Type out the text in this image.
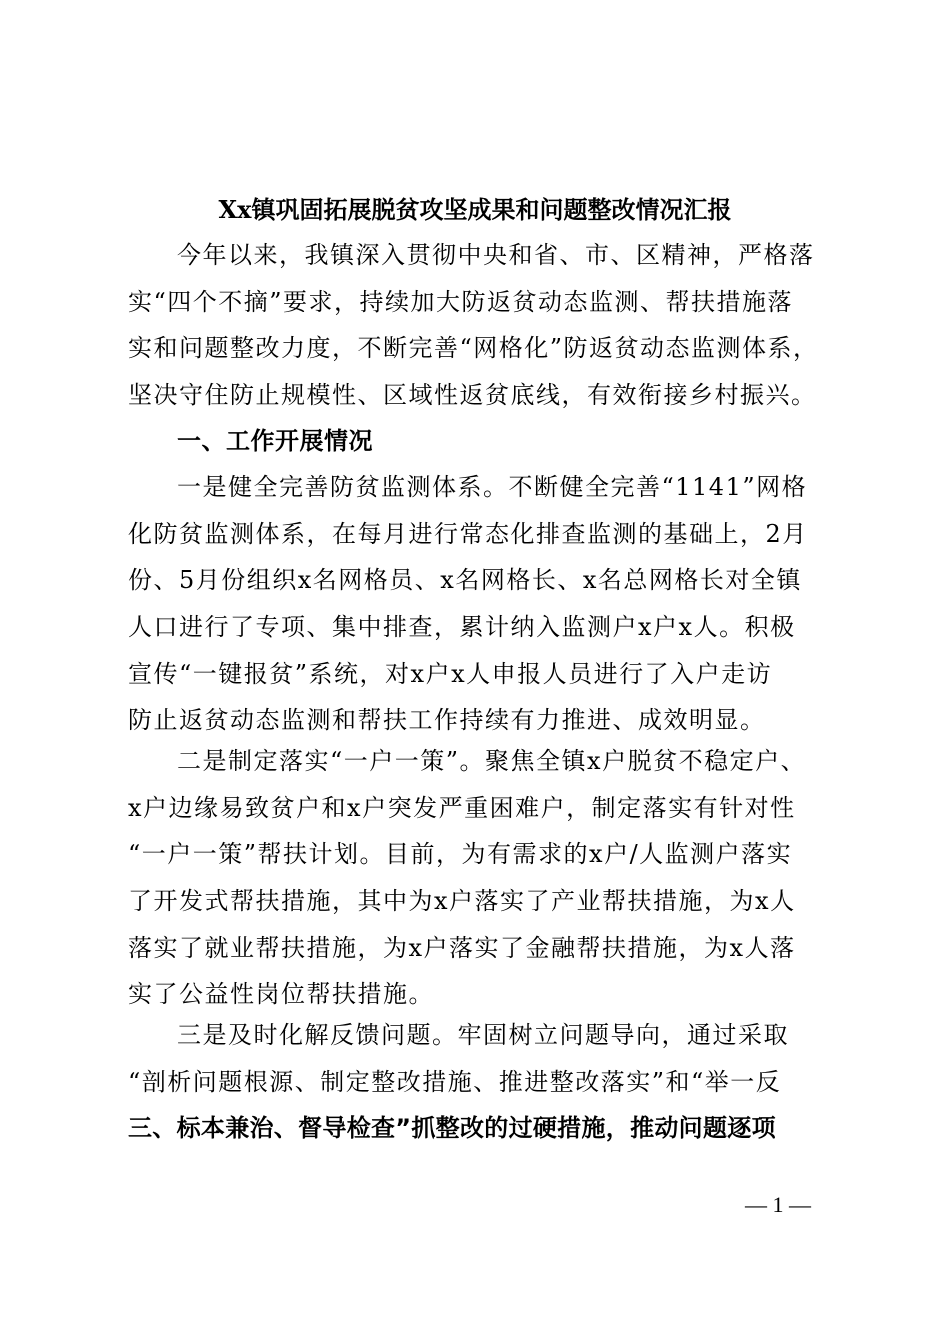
Xx镇巩固拓展脱贫攻坚成果和问题整改情况汇报
今年以来，我镇深入贯彻中央和省、市、区精神，严格落
实“四个不摘”要求，持续加大防返贫动态监测、帮扶措施落
实和问题整改力度，不断完善“网格化”防返贫动态监测体系，
坚决守住防止规模性、区域性返贫底线，有效衔接乡村振兴。
一、工作开展情况
一是健全完善防贫监测体系。不断健全完善“1141”网格
化防贫监测体系，在每月进行常态化排查监测的基础上，2月
份、5月份组织x名网格员、x名网格长、x名总网格长对全镇
人口进行了专项、集中排查，累计纳入监测户x户x人。积极
宣传“一键报贫”系统，对x户x人申报人员进行了入户走访
防止返贫动态监测和帮扶工作持续有力推进、成效明显。
二是制定落实“一户一策”。聚焦全镇x户脱贫不稳定户、
x户边缘易致贫户和x户突发严重困难户，制定落实有针对性
“一户一策”帮扶计划。目前，为有需求的x户/人监测户落实
了开发式帮扶措施，其中为x户落实了产业帮扶措施，为x人
落实了就业帮扶措施，为x户落实了金融帮扶措施，为x人落
实了公益性岗位帮扶措施。
三是及时化解反馈问题。牢固树立问题导向，通过采取
“剖析问题根源、制定整改措施、推进整改落实”和“举一反
三、标本兼治、督导检查”抓整改的过硬措施，推动问题逐项
— 1 —
